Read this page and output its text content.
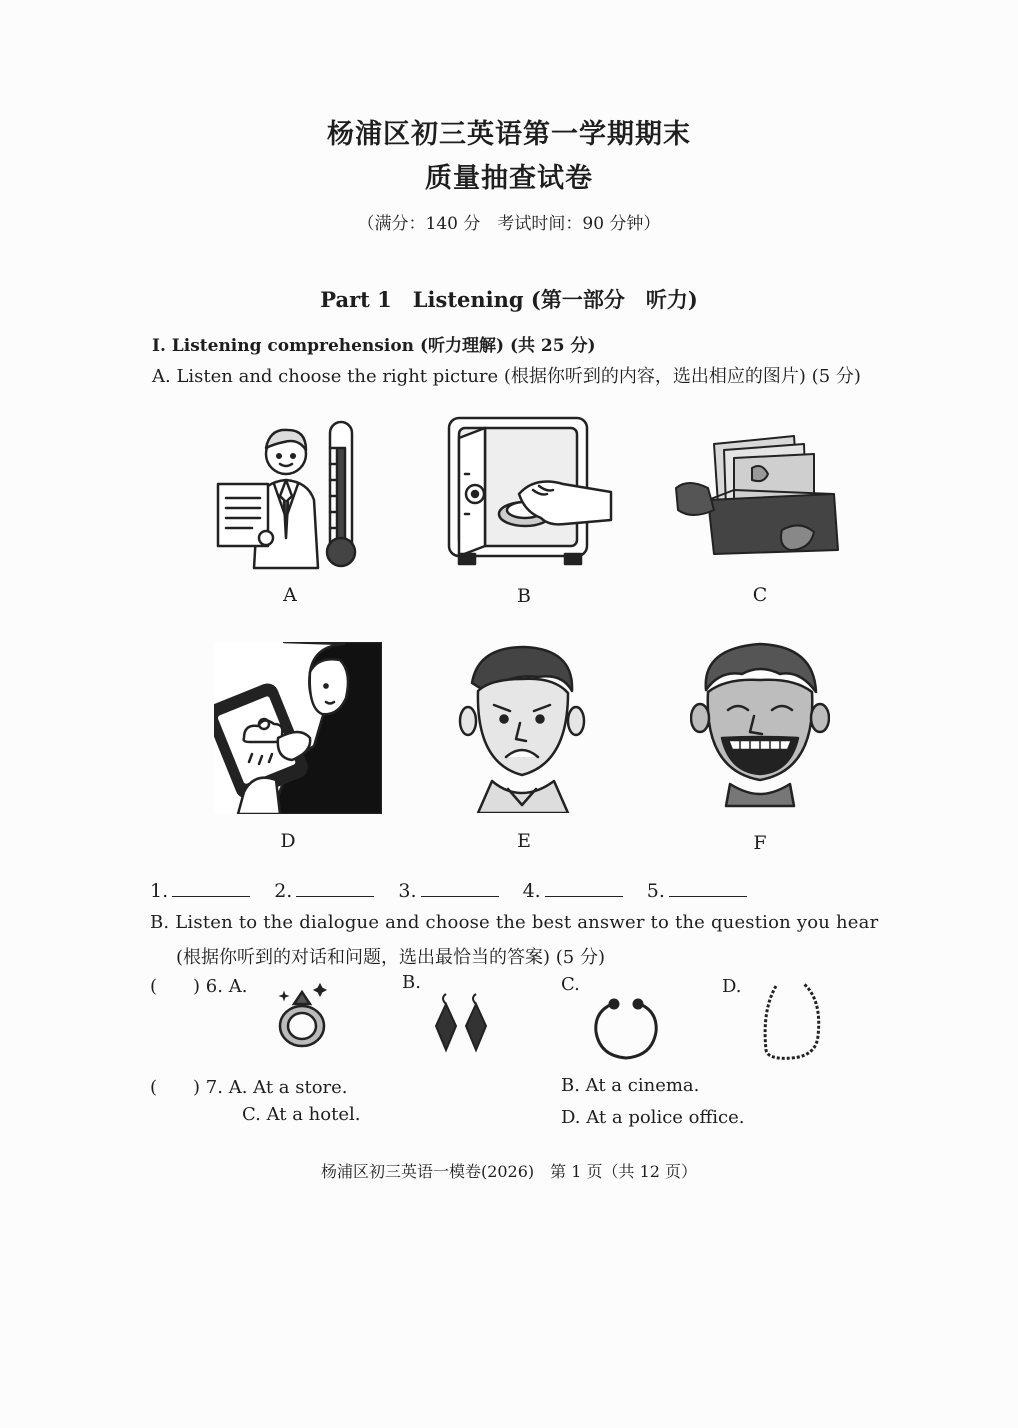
杨浦区初三英语第一学期期末
质量抽查试卷
（满分：140 分　考试时间：90 分钟）
Part 1　Listening (第一部分　听力)
Ⅰ. Listening comprehension (听力理解) (共 25 分)
A. Listen and choose the right picture (根据你听到的内容，选出相应的图片) (5 分)
A	B	C
D	E	F
1.	2.	3.	4.	5.
B. Listen to the dialogue and choose the best answer to the question you hear
(根据你听到的对话和问题，选出最恰当的答案) (5 分)
(　　) 6. A.	B.	C.	D.
(　　) 7. A. At a store.	B. At a cinema.
C. At a hotel.	D. At a police office.
杨浦区初三英语一模卷(2026)　第 1 页（共 12 页）
